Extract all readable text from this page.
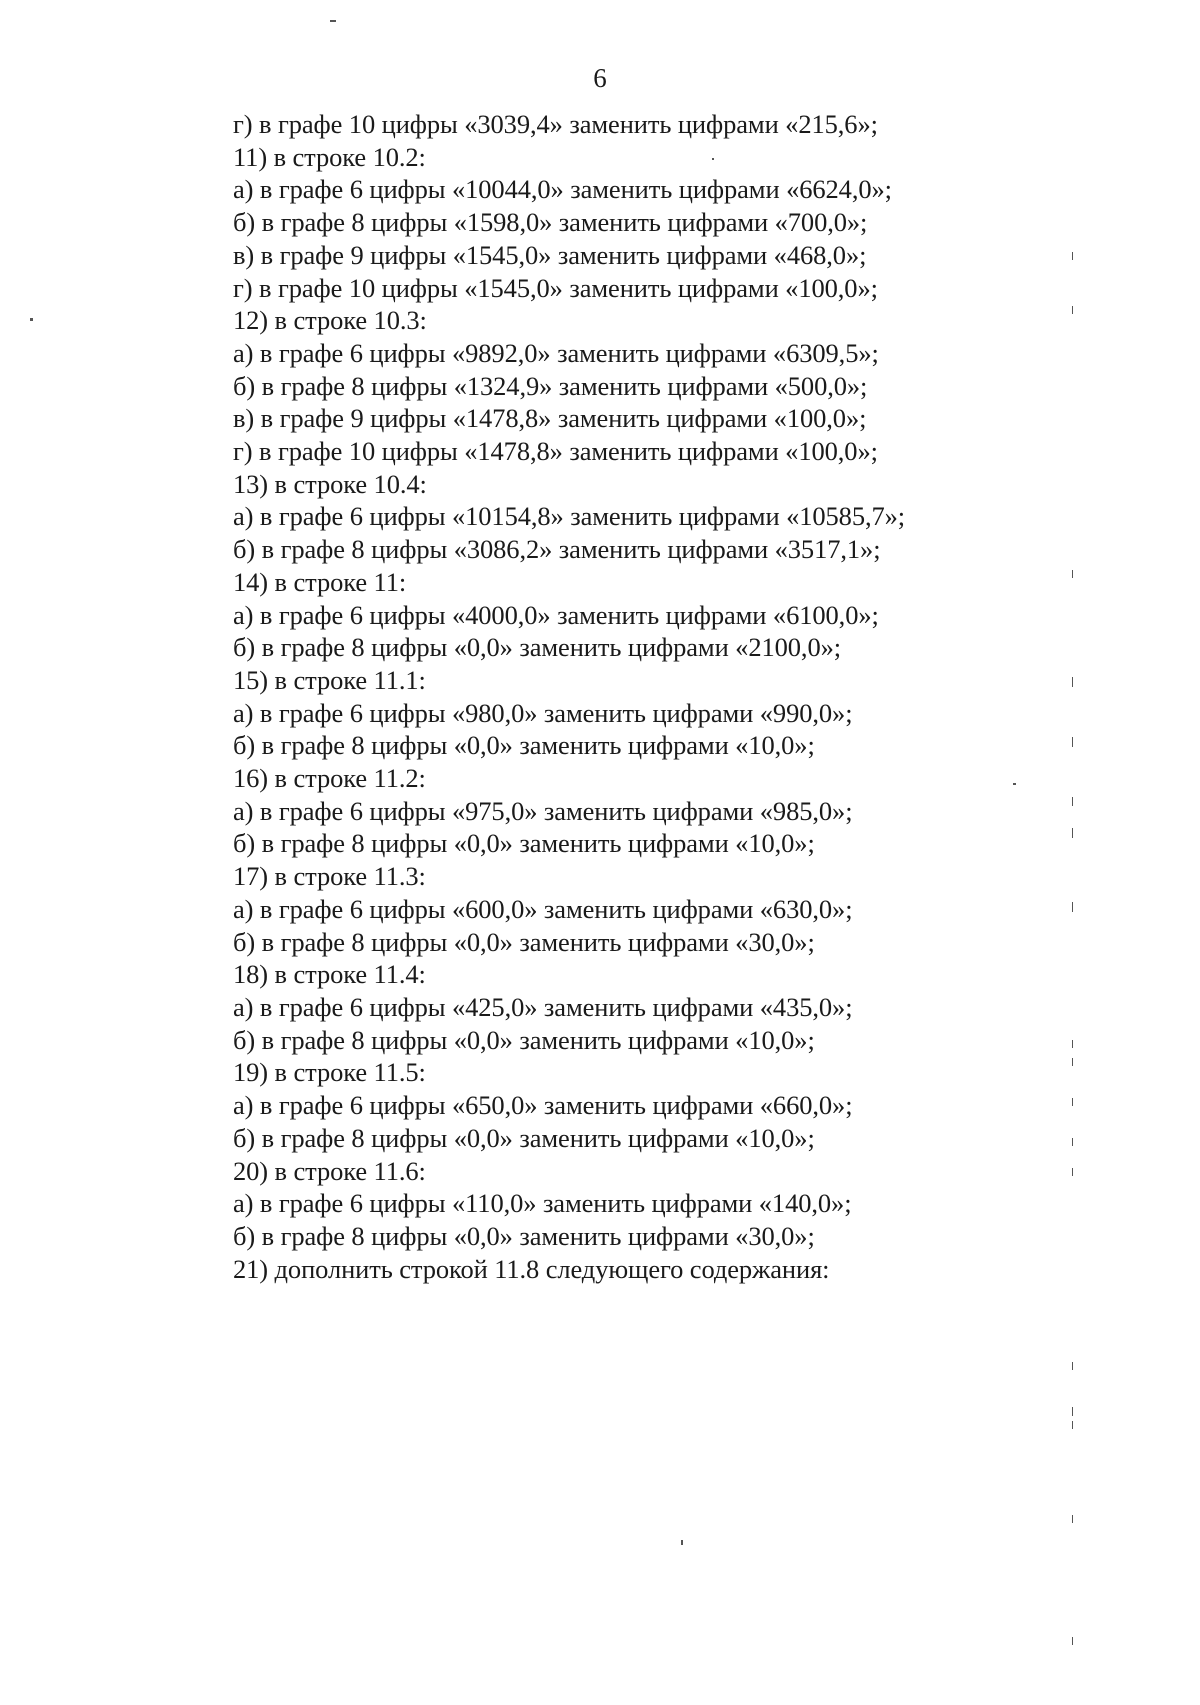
6
г) в графе 10 цифры «3039,4» заменить цифрами «215,6»;
11) в строке 10.2:
а) в графе 6 цифры «10044,0» заменить цифрами «6624,0»;
б) в графе 8 цифры «1598,0» заменить цифрами «700,0»;
в) в графе 9 цифры «1545,0» заменить цифрами «468,0»;
г) в графе 10 цифры «1545,0» заменить цифрами «100,0»;
12) в строке 10.3:
а) в графе 6 цифры «9892,0» заменить цифрами «6309,5»;
б) в графе 8 цифры «1324,9» заменить цифрами «500,0»;
в) в графе 9 цифры «1478,8» заменить цифрами «100,0»;
г) в графе 10 цифры «1478,8» заменить цифрами «100,0»;
13) в строке 10.4:
а) в графе 6 цифры «10154,8» заменить цифрами «10585,7»;
б) в графе 8 цифры «3086,2» заменить цифрами «3517,1»;
14) в строке 11:
а) в графе 6 цифры «4000,0» заменить цифрами «6100,0»;
б) в графе 8 цифры «0,0» заменить цифрами «2100,0»;
15) в строке 11.1:
а) в графе 6 цифры «980,0» заменить цифрами «990,0»;
б) в графе 8 цифры «0,0» заменить цифрами «10,0»;
16) в строке 11.2:
а) в графе 6 цифры «975,0» заменить цифрами «985,0»;
б) в графе 8 цифры «0,0» заменить цифрами «10,0»;
17) в строке 11.3:
а) в графе 6 цифры «600,0» заменить цифрами «630,0»;
б) в графе 8 цифры «0,0» заменить цифрами «30,0»;
18) в строке 11.4:
а) в графе 6 цифры «425,0» заменить цифрами «435,0»;
б) в графе 8 цифры «0,0» заменить цифрами «10,0»;
19) в строке 11.5:
а) в графе 6 цифры «650,0» заменить цифрами «660,0»;
б) в графе 8 цифры «0,0» заменить цифрами «10,0»;
20) в строке 11.6:
а) в графе 6 цифры «110,0» заменить цифрами «140,0»;
б) в графе 8 цифры «0,0» заменить цифрами «30,0»;
21) дополнить строкой 11.8 следующего содержания:
